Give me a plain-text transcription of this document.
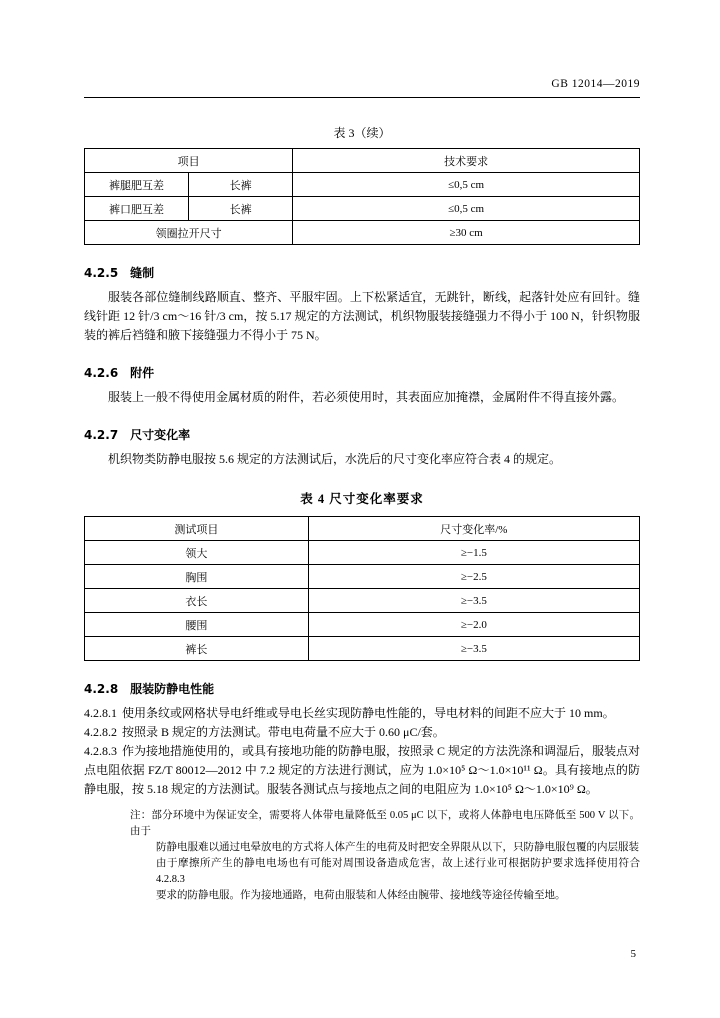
GB 12014—2019
表 3（续）
项目		技术要求
裤腿肥互差	长裤	≤0,5 cm
裤口肥互差	长裤	≤0,5 cm
领圈拉开尺寸		≥30 cm
4.2.5 缝制

服装各部位缝制线路顺直、整齐、平服牢固。上下松紧适宜，无跳针，断线，起落针处应有回针。缝线针距 12 针/3 cm～16 针/3 cm，按 5.17 规定的方法测试，机织物服装接缝强力不得小于 100 N，针织物服装的裤后裆缝和腋下接缝强力不得小于 75 N。

4.2.6 附件

服装上一般不得使用金属材质的附件，若必须使用时，其表面应加掩襟，金属附件不得直接外露。

4.2.7 尺寸变化率

机织物类防静电服按 5.6 规定的方法测试后，水洗后的尺寸变化率应符合表 4 的规定。

表 4 尺寸变化率要求
测试项目	尺寸变化率/%
领大	≥−1.5
胸围	≥−2.5
衣长	≥−3.5
腰围	≥−2.0
裤长	≥−3.5
4.2.8 服装防静电性能

4.2.8.1 使用条纹或网格状导电纤维或导电长丝实现防静电性能的，导电材料的间距不应大于 10 mm。

4.2.8.2 按照录 B 规定的方法测试。带电电荷量不应大于 0.60 μC/套。

4.2.8.3 作为接地措施使用的，或具有接地功能的防静电服，按照录 C 规定的方法洗涤和调湿后，服装点对点电阻依据 FZ/T 80012—2012 中 7.2 规定的方法进行测试，应为 1.0×10⁵ Ω～1.0×10¹¹ Ω。具有接地点的防静电服，按 5.18 规定的方法测试。服装各测试点与接地点之间的电阻应为 1.0×10⁵ Ω～1.0×10⁹ Ω。

注：部分环境中为保证安全，需要将人体带电量降低至 0.05 μC 以下，或将人体静电电压降低至 500 V 以下。由于

防静电服难以通过电晕放电的方式将人体产生的电荷及时把安全界限从以下，只防静电服包覆的内层服装

由于摩擦所产生的静电电场也有可能对周围设备造成危害，故上述行业可根据防护要求选择使用符合 4.2.8.3

要求的防静电服。作为接地通路，电荷由服装和人体经由腕带、接地线等途径传输至地。

5
